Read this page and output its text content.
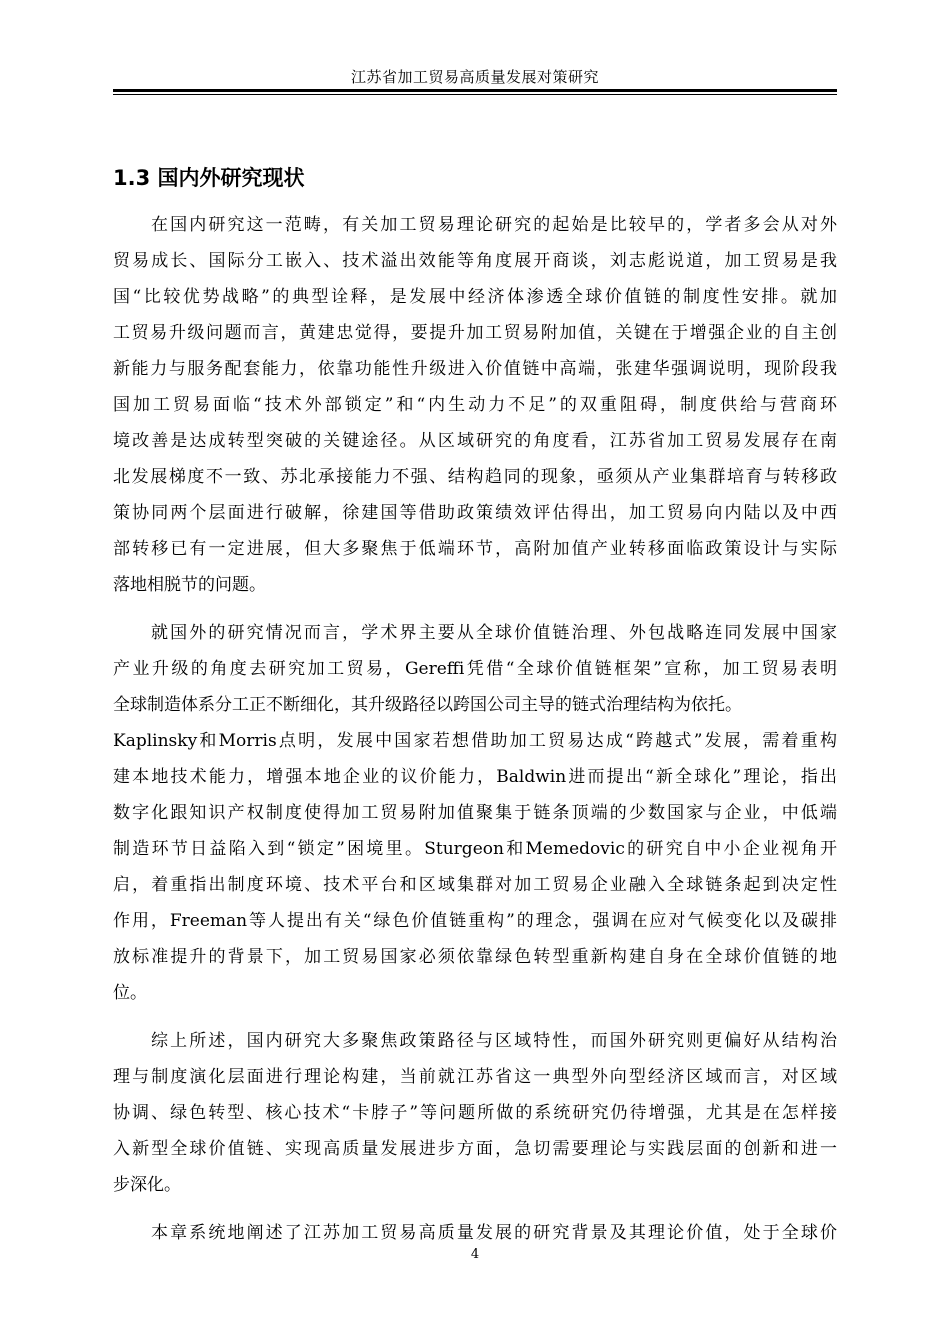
江苏省加工贸易高质量发展对策研究
1.3 国内外研究现状
在国内研究这一范畴，有关加工贸易理论研究的起始是比较早的，学者多会从对外
贸易成长、国际分工嵌入、技术溢出效能等角度展开商谈，刘志彪说道，加工贸易是我
国“比较优势战略”的典型诠释，是发展中经济体渗透全球价值链的制度性安排。就加
工贸易升级问题而言，黄建忠觉得，要提升加工贸易附加值，关键在于增强企业的自主创
新能力与服务配套能力，依靠功能性升级进入价值链中高端，张建华强调说明，现阶段我
国加工贸易面临“技术外部锁定”和“内生动力不足”的双重阻碍，制度供给与营商环
境改善是达成转型突破的关键途径。从区域研究的角度看，江苏省加工贸易发展存在南
北发展梯度不一致、苏北承接能力不强、结构趋同的现象，亟须从产业集群培育与转移政
策协同两个层面进行破解，徐建国等借助政策绩效评估得出，加工贸易向内陆以及中西
部转移已有一定进展，但大多聚焦于低端环节，高附加值产业转移面临政策设计与实际
落地相脱节的问题。
就国外的研究情况而言，学术界主要从全球价值链治理、外包战略连同发展中国家
产业升级的角度去研究加工贸易，Gereffi凭借“全球价值链框架”宣称，加工贸易表明
全球制造体系分工正不断细化，其升级路径以跨国公司主导的链式治理结构为依托。
Kaplinsky和Morris点明，发展中国家若想借助加工贸易达成“跨越式”发展，需着重构
建本地技术能力，增强本地企业的议价能力，Baldwin进而提出“新全球化”理论，指出
数字化跟知识产权制度使得加工贸易附加值聚集于链条顶端的少数国家与企业，中低端
制造环节日益陷入到“锁定”困境里。Sturgeon和Memedovic的研究自中小企业视角开
启，着重指出制度环境、技术平台和区域集群对加工贸易企业融入全球链条起到决定性
作用，Freeman等人提出有关“绿色价值链重构”的理念，强调在应对气候变化以及碳排
放标准提升的背景下，加工贸易国家必须依靠绿色转型重新构建自身在全球价值链的地
位。
综上所述，国内研究大多聚焦政策路径与区域特性，而国外研究则更偏好从结构治
理与制度演化层面进行理论构建，当前就江苏省这一典型外向型经济区域而言，对区域
协调、绿色转型、核心技术“卡脖子”等问题所做的系统研究仍待增强，尤其是在怎样接
入新型全球价值链、实现高质量发展进步方面，急切需要理论与实践层面的创新和进一
步深化。
本章系统地阐述了江苏加工贸易高质量发展的研究背景及其理论价值，处于全球价
4
